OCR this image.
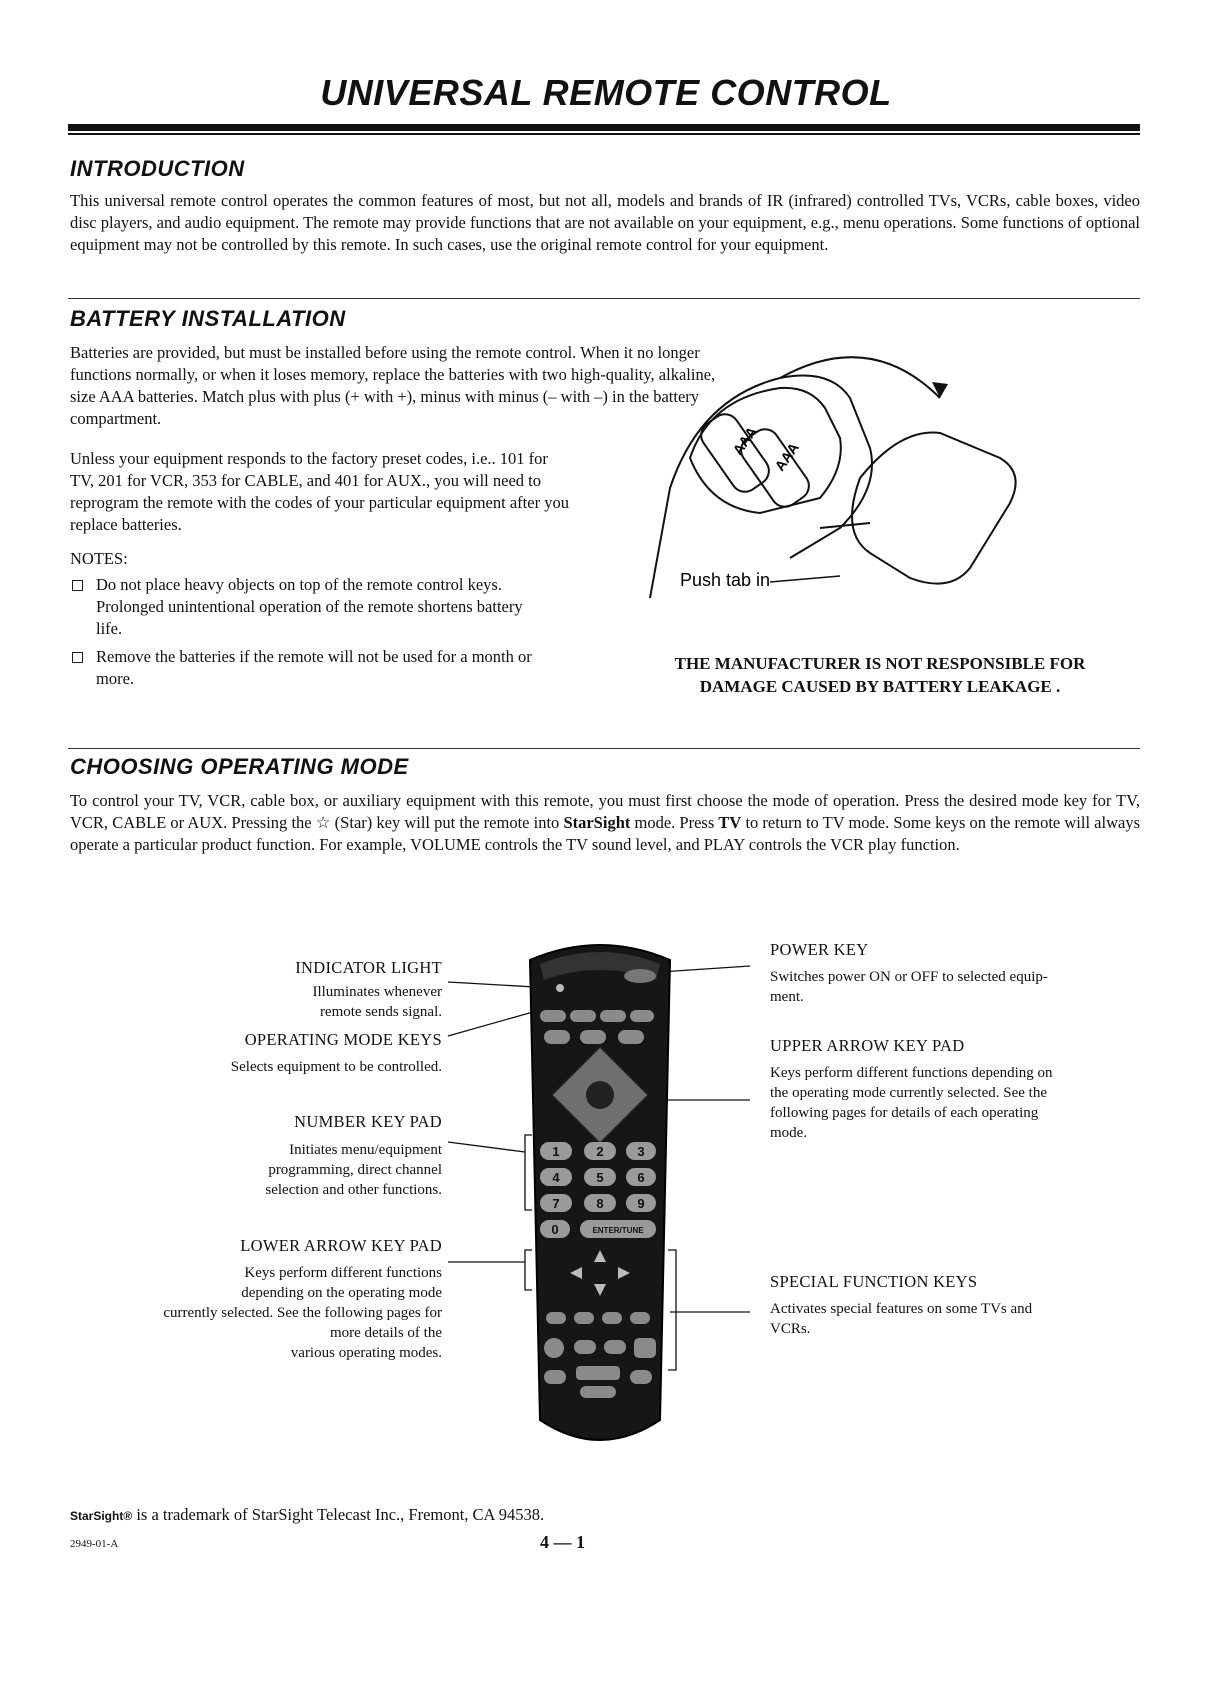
UNIVERSAL REMOTE CONTROL
INTRODUCTION
This universal remote control operates the common features of most, but not all, models and brands of IR (infrared) controlled TVs, VCRs, cable boxes, video disc players, and audio equipment. The remote may provide functions that are not available on your equipment, e.g., menu operations. Some functions of optional equipment may not be controlled by this remote. In such cases, use the original remote control for your equipment.
BATTERY INSTALLATION
Batteries are provided, but must be installed before using the remote control. When it no longer functions normally, or when it loses memory, replace the batteries with two high-quality, alkaline, size AAA batteries. Match plus with plus (+ with +), minus with minus (– with –) in the battery compartment.
Unless your equipment responds to the factory preset codes, i.e.. 101 for TV, 201 for VCR, 353 for CABLE, and 401 for AUX., you will need to reprogram the remote with the codes of your particular equipment after you replace batteries.
NOTES:
Do not place heavy objects on top of the remote control keys. Prolonged unintentional operation of the remote shortens battery life.
Remove the batteries if the remote will not be used for a month or more.
AAA AAA
Push tab in
THE MANUFACTURER IS NOT RESPONSIBLE FOR
DAMAGE CAUSED BY BATTERY LEAKAGE .
CHOOSING OPERATING MODE
To control your TV, VCR, cable box, or auxiliary equipment with this remote, you must first choose the mode of operation. Press the desired mode key for TV, VCR, CABLE or AUX. Pressing the ☆ (Star) key will put the remote into StarSight mode. Press TV to return to TV mode. Some keys on the remote will always operate a particular product function. For example, VOLUME controls the TV sound level, and PLAY controls the VCR play function.
INDICATOR LIGHT
Illuminates whenever
remote sends signal.
OPERATING MODE KEYS
Selects equipment to be controlled.
NUMBER KEY PAD
Initiates menu/equipment
programming, direct channel
selection and other functions.
LOWER ARROW KEY PAD
Keys perform different functions
depending on the operating mode
currently selected. See the following pages for
more details of the
various operating modes.
POWER KEY
Switches power ON or OFF to selected equip-
ment.
UPPER ARROW KEY PAD
Keys perform different functions depending on
the operating mode currently selected. See the
following pages for details of each operating
mode.
SPECIAL FUNCTION KEYS
Activates special features on some TVs and
VCRs.
1	2	3
4	5	6
7	8	9
0	ENTER/TUNE
StarSight® is a trademark of StarSight Telecast Inc., Fremont, CA 94538.
2949-01-A	4 — 1
